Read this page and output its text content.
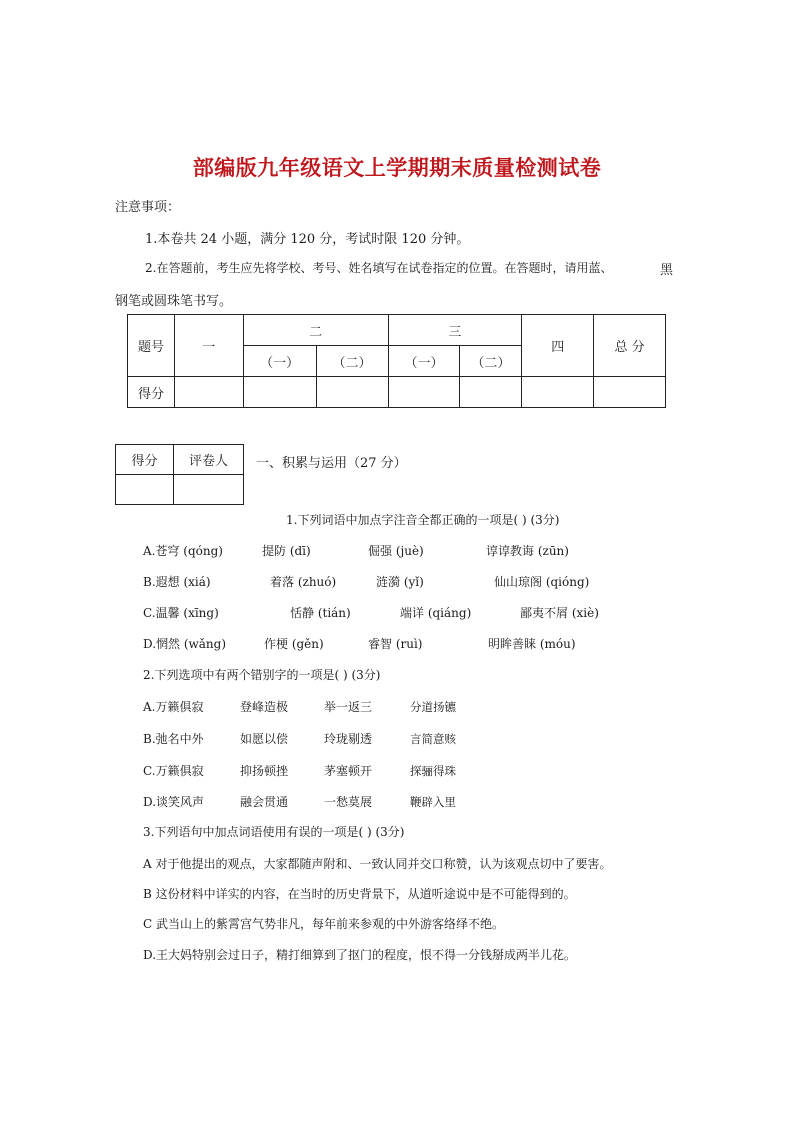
部编版九年级语文上学期期末质量检测试卷
注意事项：
1.本卷共 24 小题，满分 120 分，考试时限 120 分钟。
2.在答题前，考生应先将学校、考号、姓名填写在试卷指定的位置。在答题时，请用蓝、	黑
钢笔或圆珠笔书写。
题号	一	二		三		四	总 分
		（一）	（二）	（一）	（二）		
得分							
得分	评卷人
	一、积累与运用（27 分）
1.下列词语中加点字注音全都正确的一项是( ) (3分)
A.苍穹 (qóng)	提防 (dī)	倔强 (juè)	谆谆教诲 (zūn)
B.遐想 (xiá)	着落 (zhuó)	涟漪 (yǐ)	仙山琼阁 (qióng)
C.温馨 (xīng)	恬静 (tián)	端详 (qiáng)	鄙夷不屑 (xiè)
D.惘然 (wǎng)	作梗 (gěn)	睿智 (ruì)	明眸善睐 (móu)
2.下列选项中有两个错别字的一项是( ) (3分)
A.万籁俱寂	登峰造极	举一返三	分道扬镳
B.弛名中外	如愿以偿	玲珑剔透	言简意赅
C.万籁俱寂	抑扬顿挫	茅塞顿开	探骊得珠
D.谈笑风声	融会贯通	一愁莫展	鞭辟入里
3.下列语句中加点词语使用有误的一项是( ) (3分)
A 对于他提出的观点，大家都随声附和、一致认同并交口称赞，认为该观点切中了要害。
B 这份材料中详实的内容，在当时的历史背景下，从道听途说中是不可能得到的。
C 武当山上的紫霄宫气势非凡，每年前来参观的中外游客络绎不绝。
D.王大妈特别会过日子，精打细算到了抠门的程度，恨不得一分钱掰成两半儿花。
